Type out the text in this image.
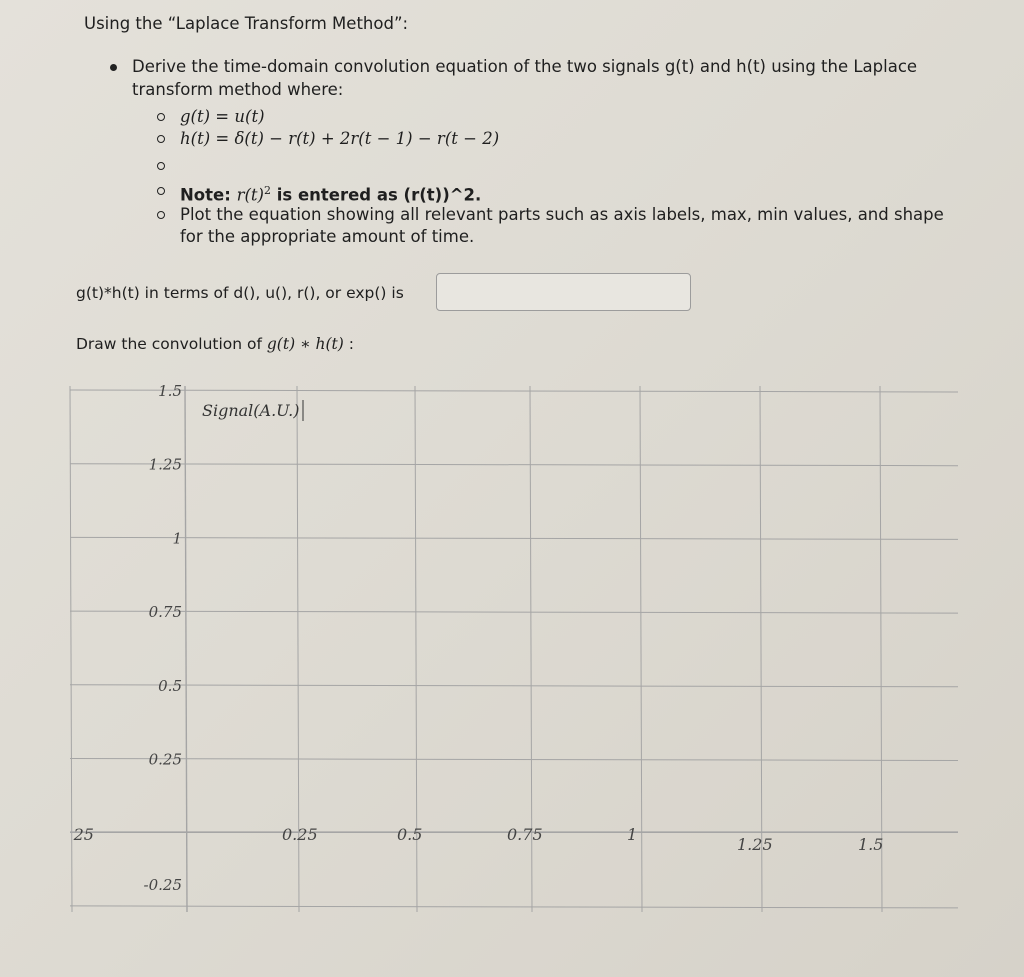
Using the “Laplace Transform Method”:
Derive the time-domain convolution equation of the two signals g(t) and h(t) using the Laplace
transform method where:
g(t) = u(t)
h(t) = δ(t) − r(t) + 2r(t − 1) − r(t − 2)
Note: $r(t)^2$ is entered as (r(t))^2.
Plot the equation showing all relevant parts such as axis labels, max, min values, and shape
for the appropriate amount of time.
g(t)*h(t) in terms of d(), u(), r(), or exp() is
Draw the convolution of g(t) ∗ h(t) :
1.5
1.25
1
0.75
0.5
0.25
-0.25
 25	0.25	0.5	0.75	1
1.25	1.5
Signal(A.U.)
